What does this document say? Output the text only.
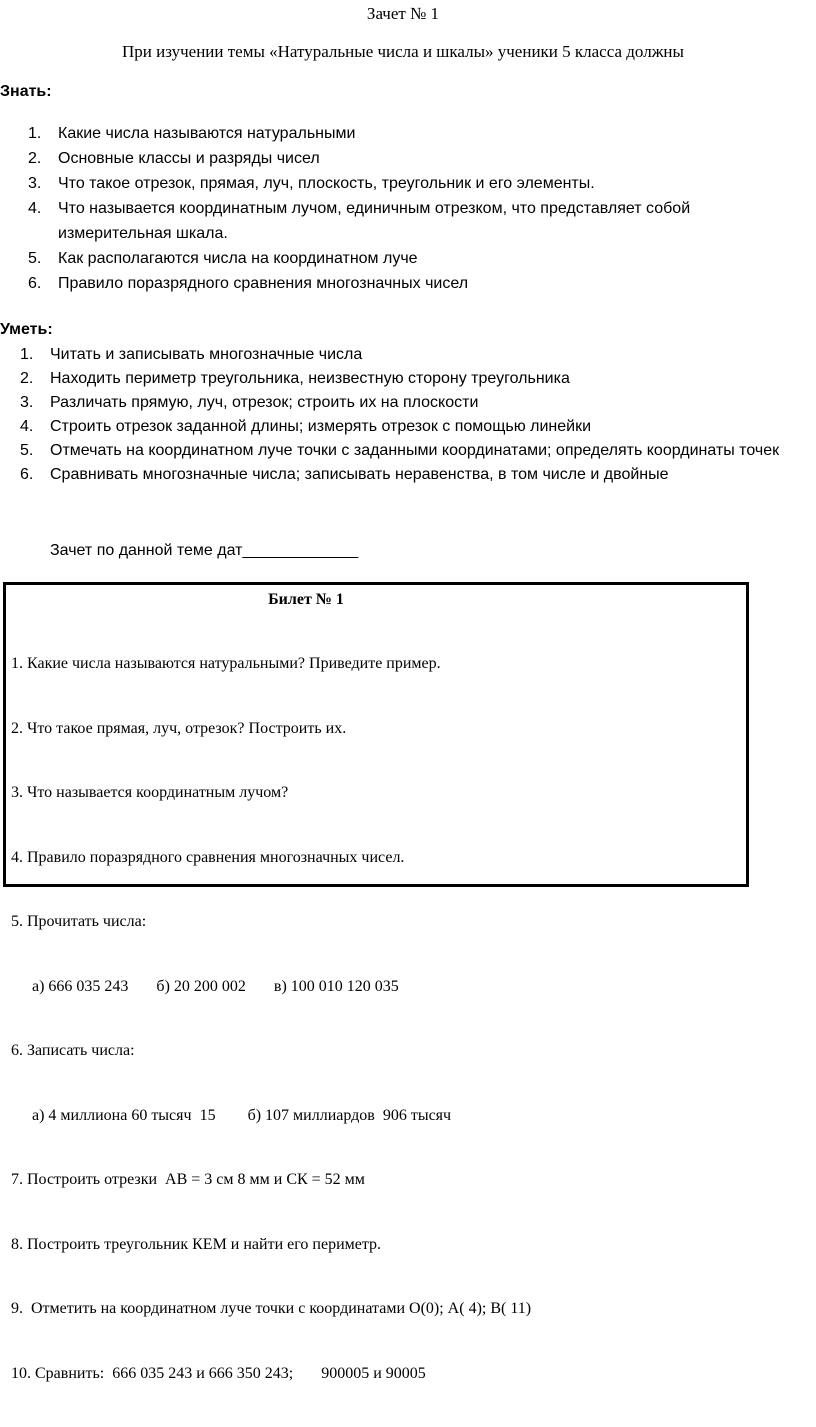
Зачет № 1
При изучении темы «Натуральные числа и шкалы» ученики 5 класса должны
Знать:
1.	Какие числа называются натуральными
2.	Основные классы и разряды чисел
3.	Что такое отрезок, прямая, луч, плоскость, треугольник и его элементы.
4.	Что называется координатным лучом, единичным отрезком, что представляет собой измерительная шкала.
5.	Как располагаются числа на координатном луче
6.	Правило поразрядного сравнения многозначных чисел
Уметь:
1.	Читать и записывать многозначные числа
2.	Находить периметр треугольника, неизвестную сторону треугольника
3.	Различать прямую, луч, отрезок; строить их на плоскости
4.	Строить отрезок заданной длины; измерять отрезок с помощью линейки
5.	Отмечать на координатном луче точки с заданными координатами; определять координаты точек
6.	Сравнивать многозначные числа; записывать неравенства, в том числе и двойные
Зачет по данной теме дат_____________
Билет № 1

1. Какие числа называются натуральными? Приведите пример.

2. Что такое прямая, луч, отрезок? Построить их.

3. Что называется координатным лучом?

4. Правило поразрядного сравнения многозначных чисел.

5. Прочитать числа:

а) 666 035 243       б) 20 200 002       в) 100 010 120 035

6. Записать числа:

а) 4 миллиона 60 тысяч  15        б) 107 миллиардов  906 тысяч

7. Построить отрезки  АВ = 3 см 8 мм и СК = 52 мм

8. Построить треугольник КЕМ и найти его периметр.

9.  Отметить на координатном луче точки с координатами О(0); А( 4); В( 11)

10. Сравнить:  666 035 243 и 666 350 243;       900005 и 90005
